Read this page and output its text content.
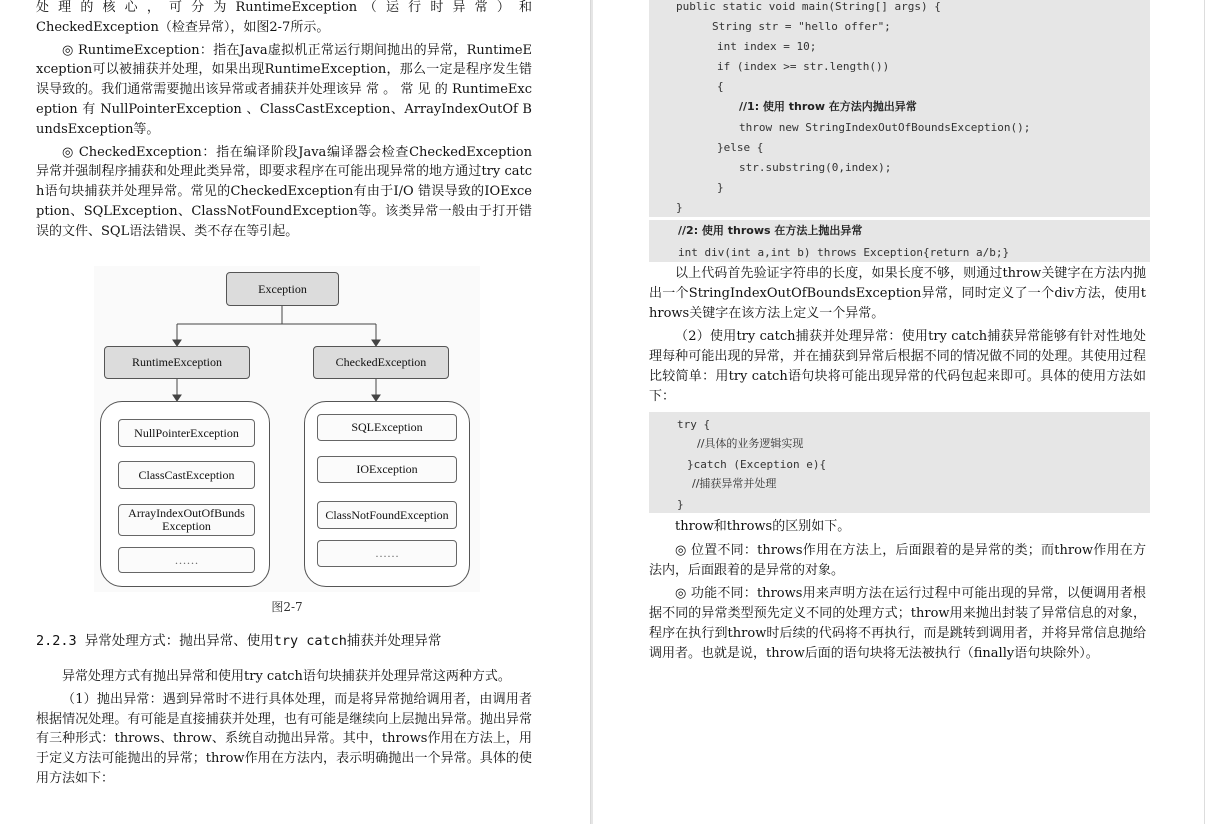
处 理 的 核 心 ， 可 分 为 RuntimeException （ 运 行 时 异 常 ） 和

CheckedException（检查异常），如图2-7所示。

◎ RuntimeException：指在Java虚拟机正常运行期间抛出的异常，RuntimeException可以被捕获并处理，如果出现RuntimeException，那么一定是程序发生错误导致的。我们通常需要抛出该异常或者捕获并处理该异 常 。 常 见 的 RuntimeException 有 NullPointerException 、ClassCastException、ArrayIndexOutOf BundsException等。

◎ CheckedException：指在编译阶段Java编译器会检查CheckedException异常并强制程序捕获和处理此类异常，即要求程序在可能出现异常的地方通过try catch语句块捕获并处理异常。常见的CheckedException有由于I/O 错误导致的IOException、SQLException、ClassNotFoundException等。该类异常一般由于打开错误的文件、SQL语法错误、类不存在等引起。

Exception
RuntimeException	CheckedException
NullPointerException
ClassCastException
ArrayIndexOutOfBunds Exception
……
SQLException
IOException
ClassNotFoundException
……
图2-7

2.2.3 异常处理方式：抛出异常、使用try catch捕获并处理异常

异常处理方式有抛出异常和使用try catch语句块捕获并处理异常这两种方式。

（1）抛出异常：遇到异常时不进行具体处理，而是将异常抛给调用者，由调用者根据情况处理。有可能是直接捕获并处理，也有可能是继续向上层抛出异常。抛出异常有三种形式：throws、throw、系统自动抛出异常。其中，throws作用在方法上，用于定义方法可能抛出的异常；throw作用在方法内，表示明确抛出一个异常。具体的使用方法如下：

public static void main(String[] args) {
String str = "hello offer";
int index = 10;
if (index >= str.length())
{
//1: 使用 throw 在方法内抛出异常
throw new StringIndexOutOfBoundsException();
}else {
str.substring(0,index);
}
}
//2: 使用 throws 在方法上抛出异常
int div(int a,int b) throws Exception{return a/b;}

以上代码首先验证字符串的长度，如果长度不够，则通过throw关键字在方法内抛出一个StringIndexOutOfBoundsException异常，同时定义了一个div方法，使用throws关键字在该方法上定义一个异常。

（2）使用try catch捕获并处理异常：使用try catch捕获异常能够有针对性地处理每种可能出现的异常，并在捕获到异常后根据不同的情况做不同的处理。其使用过程比较简单：用try catch语句块将可能出现异常的代码包起来即可。具体的使用方法如下：

try {
//具体的业务逻辑实现
}catch (Exception e){
//捕获异常并处理
}

throw和throws的区别如下。

◎ 位置不同：throws作用在方法上，后面跟着的是异常的类；而throw作用在方法内，后面跟着的是异常的对象。

◎ 功能不同：throws用来声明方法在运行过程中可能出现的异常，以便调用者根据不同的异常类型预先定义不同的处理方式；throw用来抛出封装了异常信息的对象，程序在执行到throw时后续的代码将不再执行，而是跳转到调用者，并将异常信息抛给调用者。也就是说，throw后面的语句块将无法被执行（finally语句块除外）。
